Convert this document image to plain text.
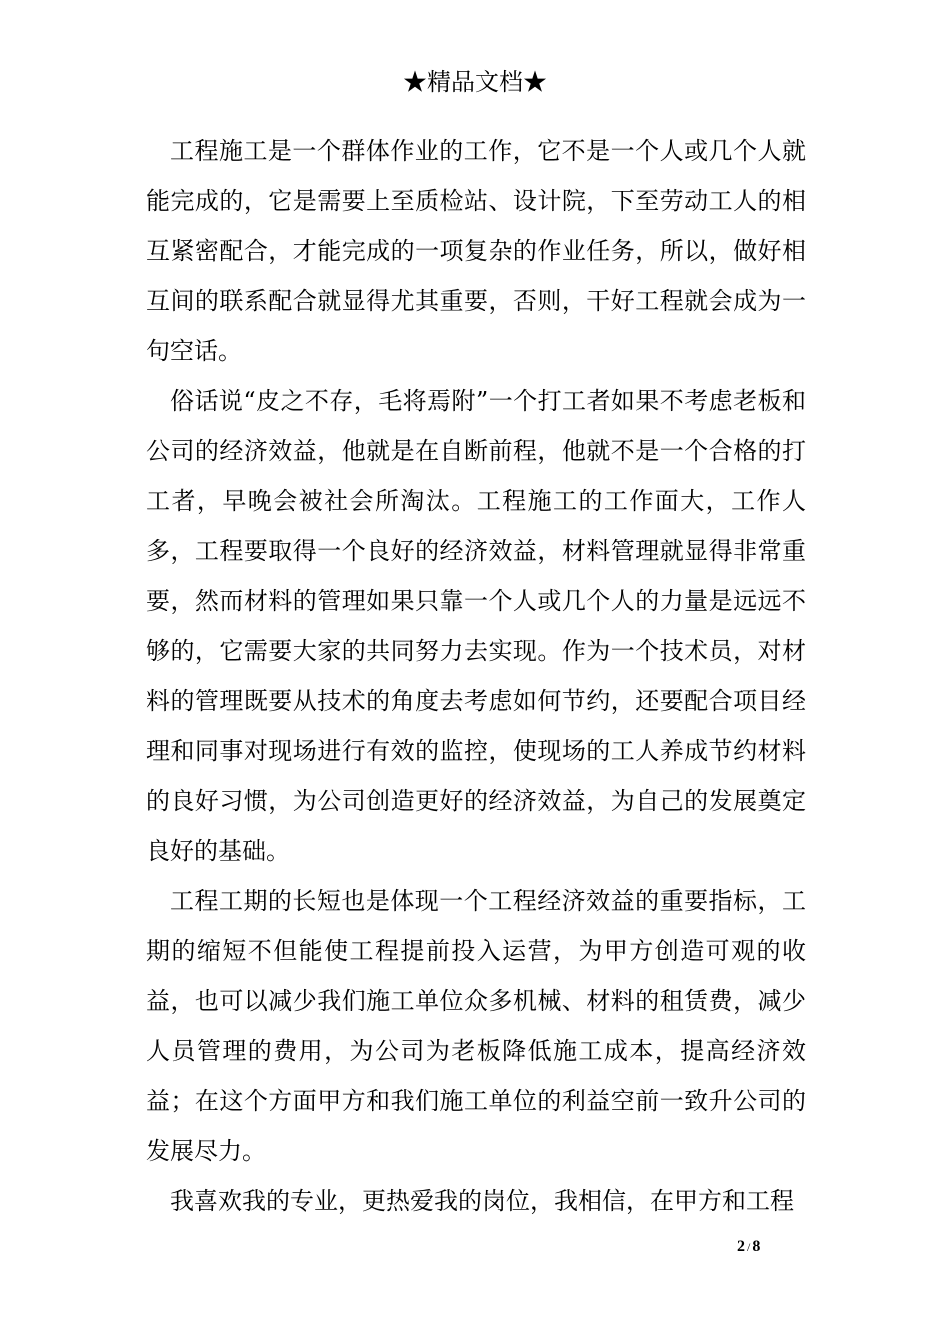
★精品文档★

工程施工是一个群体作业的工作，它不是一个人或几个人就能完成的，它是需要上至质检站、设计院，下至劳动工人的相互紧密配合，才能完成的一项复杂的作业任务，所以，做好相互间的联系配合就显得尤其重要，否则，干好工程就会成为一句空话。

俗话说“皮之不存，毛将焉附”一个打工者如果不考虑老板和公司的经济效益，他就是在自断前程，他就不是一个合格的打工者，早晚会被社会所淘汰。工程施工的工作面大，工作人多，工程要取得一个良好的经济效益，材料管理就显得非常重要，然而材料的管理如果只靠一个人或几个人的力量是远远不够的，它需要大家的共同努力去实现。作为一个技术员，对材料的管理既要从技术的角度去考虑如何节约，还要配合项目经理和同事对现场进行有效的监控，使现场的工人养成节约材料的良好习惯，为公司创造更好的经济效益，为自己的发展奠定良好的基础。

工程工期的长短也是体现一个工程经济效益的重要指标，工期的缩短不但能使工程提前投入运营，为甲方创造可观的收益，也可以减少我们施工单位众多机械、材料的租赁费，减少人员管理的费用，为公司为老板降低施工成本，提高经济效益；在这个方面甲方和我们施工单位的利益空前一致升公司的发展尽力。

我喜欢我的专业，更热爱我的岗位，我相信，在甲方和工程

2 / 8
